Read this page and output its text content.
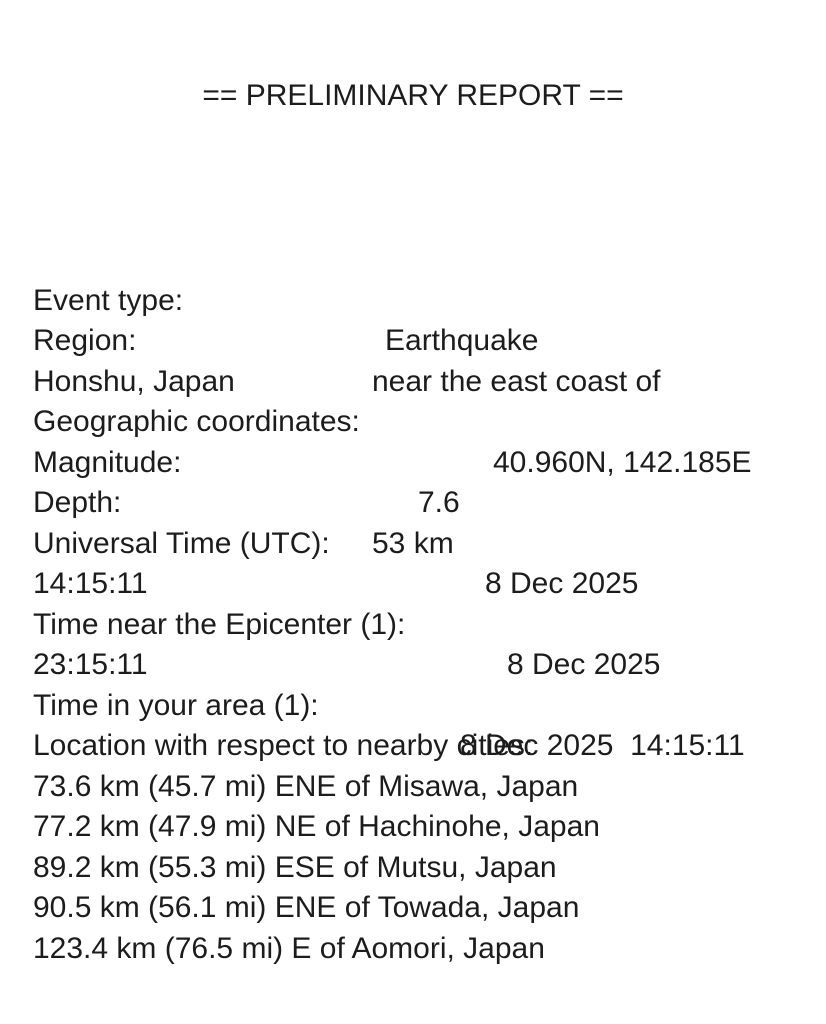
== PRELIMINARY REPORT ==

Event type:

Earthquake

Region:

near the east coast of

Honshu, Japan

Geographic coordinates:

40.960N, 142.185E

Magnitude:

7.6

Depth:

53 km

Universal Time (UTC):

8 Dec 2025

14:15:11

Time near the Epicenter (1):

8 Dec 2025

23:15:11

Time in your area (1):

8 Dec 2025  14:15:11

Location with respect to nearby cities:
73.6 km (45.7 mi) ENE of Misawa, Japan
77.2 km (47.9 mi) NE of Hachinohe, Japan
89.2 km (55.3 mi) ESE of Mutsu, Japan
90.5 km (56.1 mi) ENE of Towada, Japan
123.4 km (76.5 mi) E of Aomori, Japan
